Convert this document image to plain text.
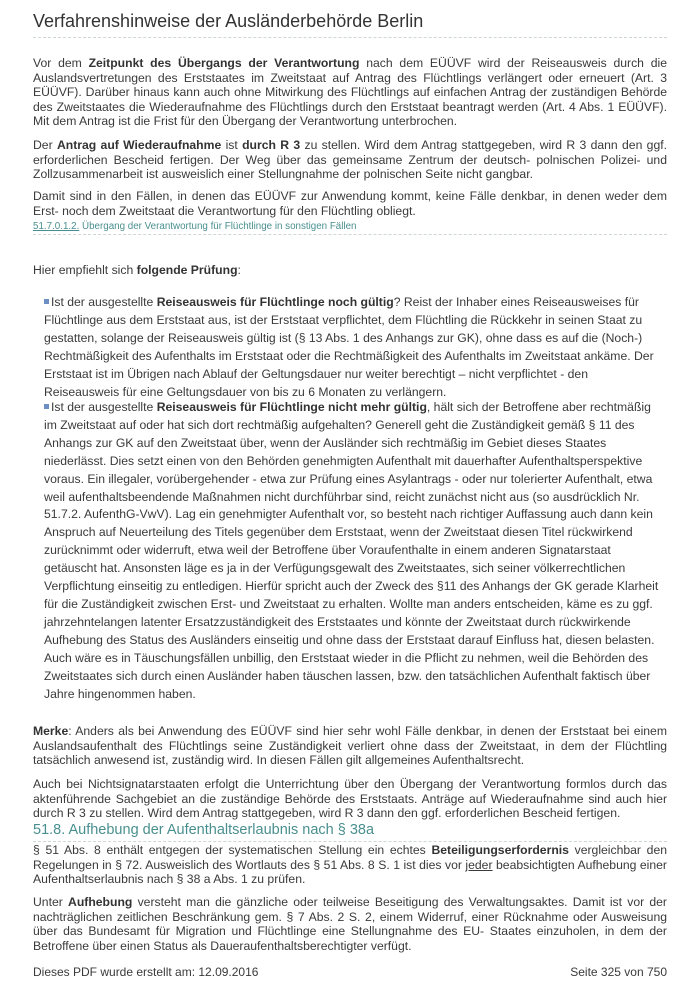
Verfahrenshinweise der Ausländerbehörde Berlin
Vor dem Zeitpunkt des Übergangs der Verantwortung nach dem EÜÜVF wird der Reiseausweis durch die Auslandsvertretungen des Erststaates im Zweitstaat auf Antrag des Flüchtlings verlängert oder erneuert (Art. 3 EÜÜVF). Darüber hinaus kann auch ohne Mitwirkung des Flüchtlings auf einfachen Antrag der zuständigen Behörde des Zweitstaates die Wiederaufnahme des Flüchtlings durch den Erststaat beantragt werden (Art. 4 Abs. 1 EÜÜVF). Mit dem Antrag ist die Frist für den Übergang der Verantwortung unterbrochen.
Der Antrag auf Wiederaufnahme ist durch R 3 zu stellen. Wird dem Antrag stattgegeben, wird R 3 dann den ggf. erforderlichen Bescheid fertigen. Der Weg über das gemeinsame Zentrum der deutsch- polnischen Polizei- und Zollzusammenarbeit ist ausweislich einer Stellungnahme der polnischen Seite nicht gangbar.
Damit sind in den Fällen, in denen das EÜÜVF zur Anwendung kommt, keine Fälle denkbar, in denen weder dem Erst- noch dem Zweitstaat die Verantwortung für den Flüchtling obliegt.
51.7.0.1.2. Übergang der Verantwortung für Flüchtlinge in sonstigen Fällen
Hier empfiehlt sich folgende Prüfung:
Ist der ausgestellte Reiseausweis für Flüchtlinge noch gültig? Reist der Inhaber eines Reiseausweises für Flüchtlinge aus dem Erststaat aus, ist der Erststaat verpflichtet, dem Flüchtling die Rückkehr in seinen Staat zu gestatten, solange der Reiseausweis gültig ist (§ 13 Abs. 1 des Anhangs zur GK), ohne dass es auf die (Noch-) Rechtmäßigkeit des Aufenthalts im Erststaat oder die Rechtmäßigkeit des Aufenthalts im Zweitstaat ankäme. Der Erststaat ist im Übrigen nach Ablauf der Geltungsdauer nur weiter berechtigt – nicht verpflichtet - den Reiseausweis für eine Geltungsdauer von bis zu 6 Monaten zu verlängern.
Ist der ausgestellte Reiseausweis für Flüchtlinge nicht mehr gültig, hält sich der Betroffene aber rechtmäßig im Zweitstaat auf oder hat sich dort rechtmäßig aufgehalten? Generell geht die Zuständigkeit gemäß § 11 des Anhangs zur GK auf den Zweitstaat über, wenn der Ausländer sich rechtmäßig im Gebiet dieses Staates niederlässt. Dies setzt einen von den Behörden genehmigten Aufenthalt mit dauerhafter Aufenthaltsperspektive voraus. Ein illegaler, vorübergehender - etwa zur Prüfung eines Asylantrags - oder nur tolerierter Aufenthalt, etwa weil aufenthaltsbeendende Maßnahmen nicht durchführbar sind, reicht zunächst nicht aus (so ausdrücklich Nr. 51.7.2. AufenthG-VwV). Lag ein genehmigter Aufenthalt vor, so besteht nach richtiger Auffassung auch dann kein Anspruch auf Neuerteilung des Titels gegenüber dem Erststaat, wenn der Zweitstaat diesen Titel rückwirkend zurücknimmt oder widerruft, etwa weil der Betroffene über Voraufenthalte in einem anderen Signatarstaat getäuscht hat. Ansonsten läge es ja in der Verfügungsgewalt des Zweitstaates, sich seiner völkerrechtlichen Verpflichtung einseitig zu entledigen. Hierfür spricht auch der Zweck des §11 des Anhangs der GK gerade Klarheit für die Zuständigkeit zwischen Erst- und Zweitstaat zu erhalten. Wollte man anders entscheiden, käme es zu ggf. jahrzehntelangen latenter Ersatzzuständigkeit des Erststaates und könnte der Zweitstaat durch rückwirkende Aufhebung des Status des Ausländers einseitig und ohne dass der Erststaat darauf Einfluss hat, diesen belasten. Auch wäre es in Täuschungsfällen unbillig, den Erststaat wieder in die Pflicht zu nehmen, weil die Behörden des Zweitstaates sich durch einen Ausländer haben täuschen lassen, bzw. den tatsächlichen Aufenthalt faktisch über Jahre hingenommen haben.
Merke: Anders als bei Anwendung des EÜÜVF sind hier sehr wohl Fälle denkbar, in denen der Erststaat bei einem Auslandsaufenthalt des Flüchtlings seine Zuständigkeit verliert ohne dass der Zweitstaat, in dem der Flüchtling tatsächlich anwesend ist, zuständig wird. In diesen Fällen gilt allgemeines Aufenthaltsrecht.
Auch bei Nichtsignatarstaaten erfolgt die Unterrichtung über den Übergang der Verantwortung formlos durch das aktenführende Sachgebiet an die zuständige Behörde des Erststaats. Anträge auf Wiederaufnahme sind auch hier durch R 3 zu stellen. Wird dem Antrag stattgegeben, wird R 3 dann den ggf. erforderlichen Bescheid fertigen.
51.8. Aufhebung der Aufenthaltserlaubnis nach § 38a
§ 51 Abs. 8 enthält entgegen der systematischen Stellung ein echtes Beteiligungserfordernis vergleichbar den Regelungen in § 72. Ausweislich des Wortlauts des § 51 Abs. 8 S. 1 ist dies vor jeder beabsichtigten Aufhebung einer Aufenthaltserlaubnis nach § 38 a Abs. 1 zu prüfen.
Unter Aufhebung versteht man die gänzliche oder teilweise Beseitigung des Verwaltungsaktes. Damit ist vor der nachträglichen zeitlichen Beschränkung gem. § 7 Abs. 2 S. 2, einem Widerruf, einer Rücknahme oder Ausweisung über das Bundesamt für Migration und Flüchtlinge eine Stellungnahme des EU- Staates einzuholen, in dem der Betroffene über einen Status als Daueraufenthaltsberechtigter verfügt.
Dieses PDF wurde erstellt am: 12.09.2016	Seite 325 von 750
